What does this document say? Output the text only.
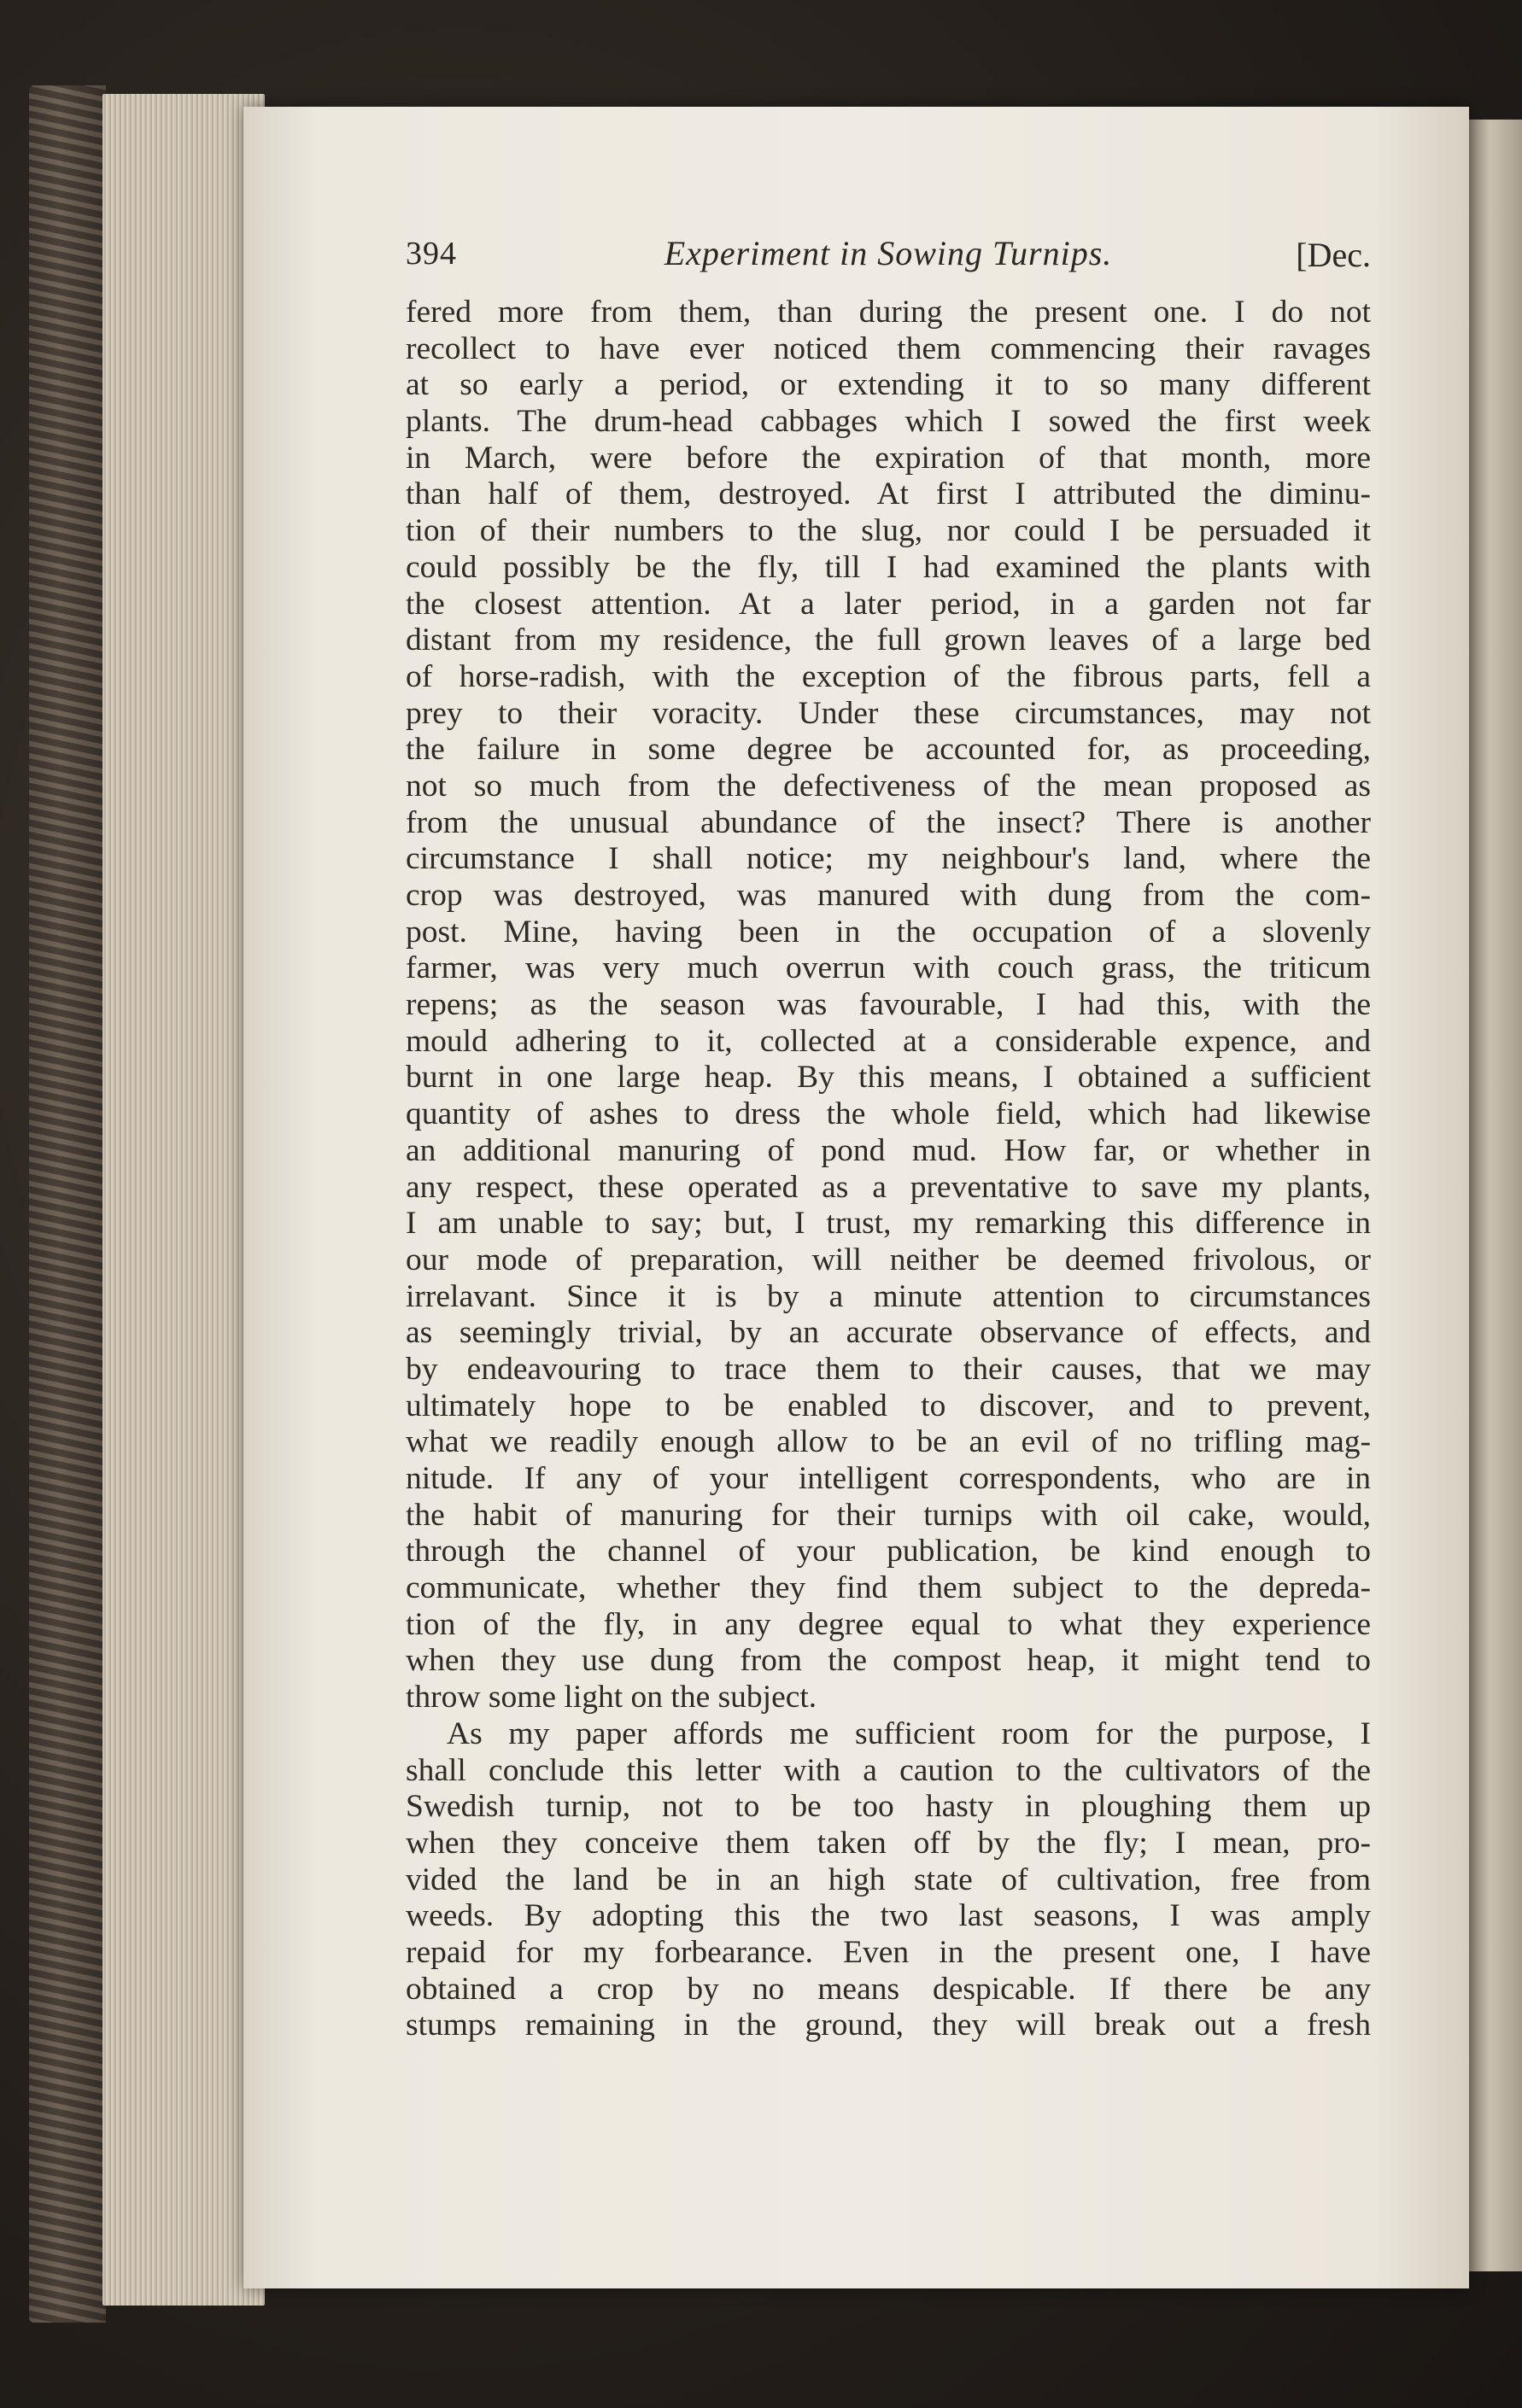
394	Experiment in Sowing Turnips.	[Dec.
fered more from them, than during the present one. I do not
recollect to have ever noticed them commencing their ravages
at so early a period, or extending it to so many different
plants. The drum-head cabbages which I sowed the first week
in March, were before the expiration of that month, more
than half of them, destroyed. At first I attributed the diminu-
tion of their numbers to the slug, nor could I be persuaded it
could possibly be the fly, till I had examined the plants with
the closest attention. At a later period, in a garden not far
distant from my residence, the full grown leaves of a large bed
of horse-radish, with the exception of the fibrous parts, fell a
prey to their voracity. Under these circumstances, may not
the failure in some degree be accounted for, as proceeding,
not so much from the defectiveness of the mean proposed as
from the unusual abundance of the insect? There is another
circumstance I shall notice; my neighbour's land, where the
crop was destroyed, was manured with dung from the com-
post. Mine, having been in the occupation of a slovenly
farmer, was very much overrun with couch grass, the triticum
repens; as the season was favourable, I had this, with the
mould adhering to it, collected at a considerable expence, and
burnt in one large heap. By this means, I obtained a sufficient
quantity of ashes to dress the whole field, which had likewise
an additional manuring of pond mud. How far, or whether in
any respect, these operated as a preventative to save my plants,
I am unable to say; but, I trust, my remarking this difference in
our mode of preparation, will neither be deemed frivolous, or
irrelavant. Since it is by a minute attention to circumstances
as seemingly trivial, by an accurate observance of effects, and
by endeavouring to trace them to their causes, that we may
ultimately hope to be enabled to discover, and to prevent,
what we readily enough allow to be an evil of no trifling mag-
nitude. If any of your intelligent correspondents, who are in
the habit of manuring for their turnips with oil cake, would,
through the channel of your publication, be kind enough to
communicate, whether they find them subject to the depreda-
tion of the fly, in any degree equal to what they experience
when they use dung from the compost heap, it might tend to
throw some light on the subject.
As my paper affords me sufficient room for the purpose, I
shall conclude this letter with a caution to the cultivators of the
Swedish turnip, not to be too hasty in ploughing them up
when they conceive them taken off by the fly; I mean, pro-
vided the land be in an high state of cultivation, free from
weeds. By adopting this the two last seasons, I was amply
repaid for my forbearance. Even in the present one, I have
obtained a crop by no means despicable. If there be any
stumps remaining in the ground, they will break out a fresh
